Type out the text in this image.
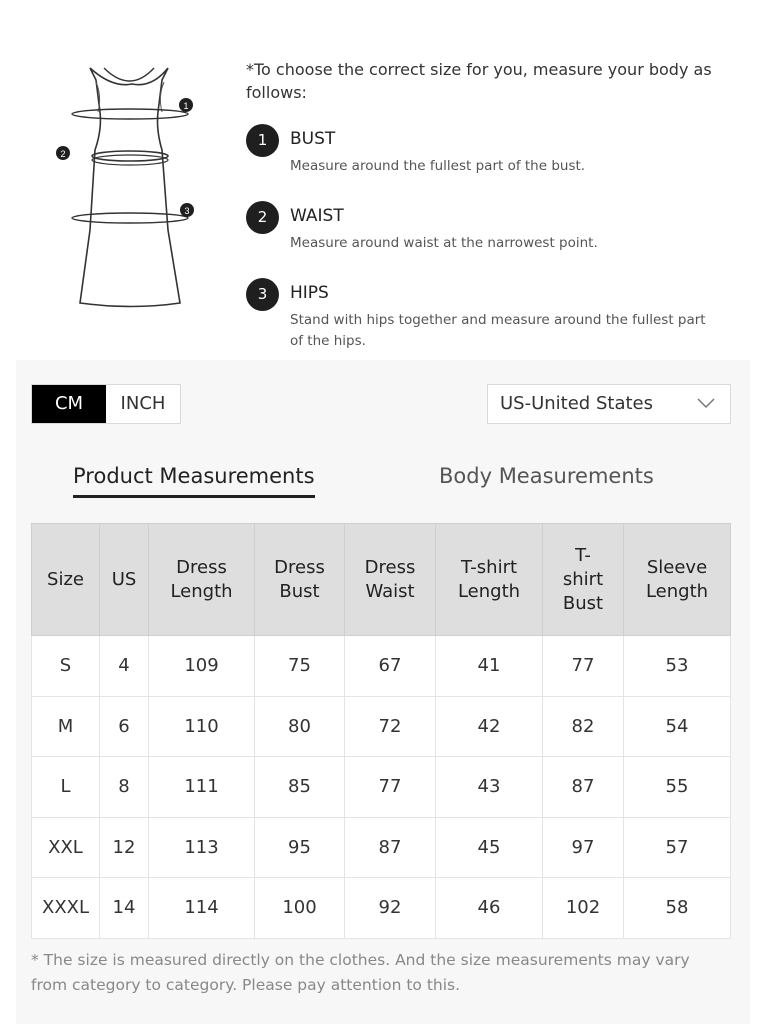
1
2
3

*To choose the correct size for you, measure your body as follows:

1	BUST
Measure around the fullest part of the bust.
2	WAIST
Measure around waist at the narrowest point.
3	HIPS
Stand with hips together and measure around the fullest part of the hips.
CM	INCH	US-United States
Product Measurements	Body Measurements
Size	US	Dress Length	Dress Bust	Dress Waist	T-shirt Length	T-shirt Bust	Sleeve Length
S	4	109	75	67	41	77	53
M	6	110	80	72	42	82	54
L	8	111	85	77	43	87	55
XXL	12	113	95	87	45	97	57
XXXL	14	114	100	92	46	102	58

* The size is measured directly on the clothes. And the size measurements may vary from category to category. Please pay attention to this.
